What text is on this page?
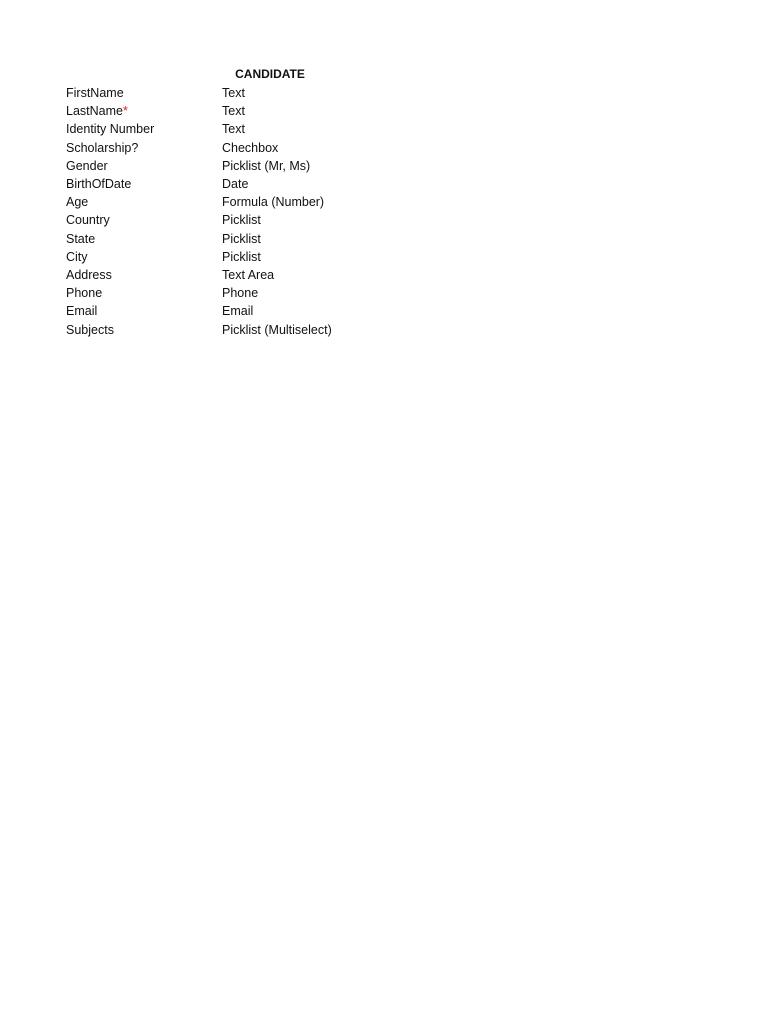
CANDIDATE
FirstName	Text
LastName*	Text
Identity Number	Text
Scholarship?	Chechbox
Gender	Picklist (Mr, Ms)
BirthOfDate	Date
Age	Formula (Number)
Country	Picklist
State	Picklist
City	Picklist
Address	Text Area
Phone	Phone
Email	Email
Subjects	Picklist (Multiselect)
